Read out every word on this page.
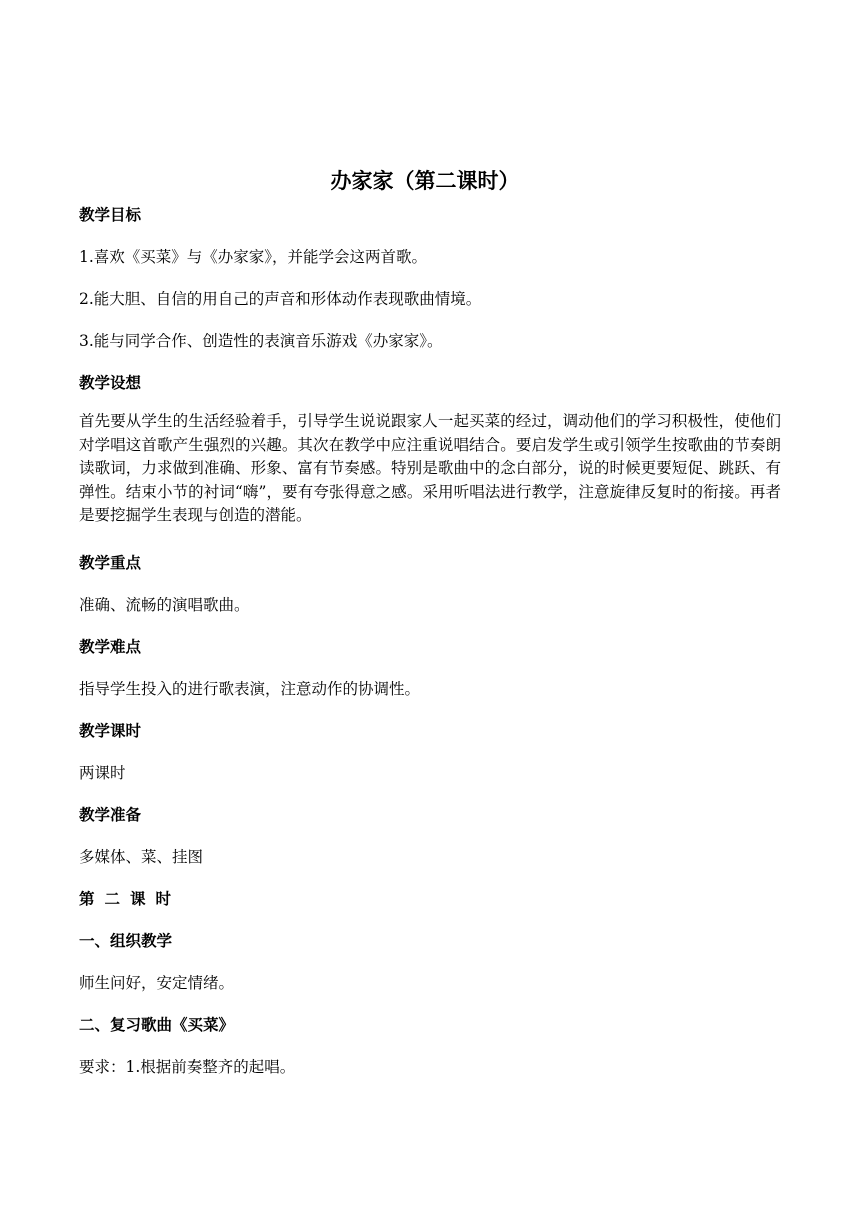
办家家（第二课时）
教学目标
1.喜欢《买菜》与《办家家》，并能学会这两首歌。
2.能大胆、自信的用自己的声音和形体动作表现歌曲情境。
3.能与同学合作、创造性的表演音乐游戏《办家家》。
教学设想
首先要从学生的生活经验着手，引导学生说说跟家人一起买菜的经过，调动他们的学习积极性，使他们对学唱这首歌产生强烈的兴趣。其次在教学中应注重说唱结合。要启发学生或引领学生按歌曲的节奏朗读歌词，力求做到准确、形象、富有节奏感。特别是歌曲中的念白部分，说的时候更要短促、跳跃、有弹性。结束小节的衬词“嗨”，要有夸张得意之感。采用听唱法进行教学，注意旋律反复时的衔接。再者是要挖掘学生表现与创造的潜能。
教学重点
准确、流畅的演唱歌曲。
教学难点
指导学生投入的进行歌表演，注意动作的协调性。
教学课时
两课时
教学准备
多媒体、菜、挂图
第二课时
一、组织教学
师生问好，安定情绪。
二、复习歌曲《买菜》
要求：1.根据前奏整齐的起唱。
